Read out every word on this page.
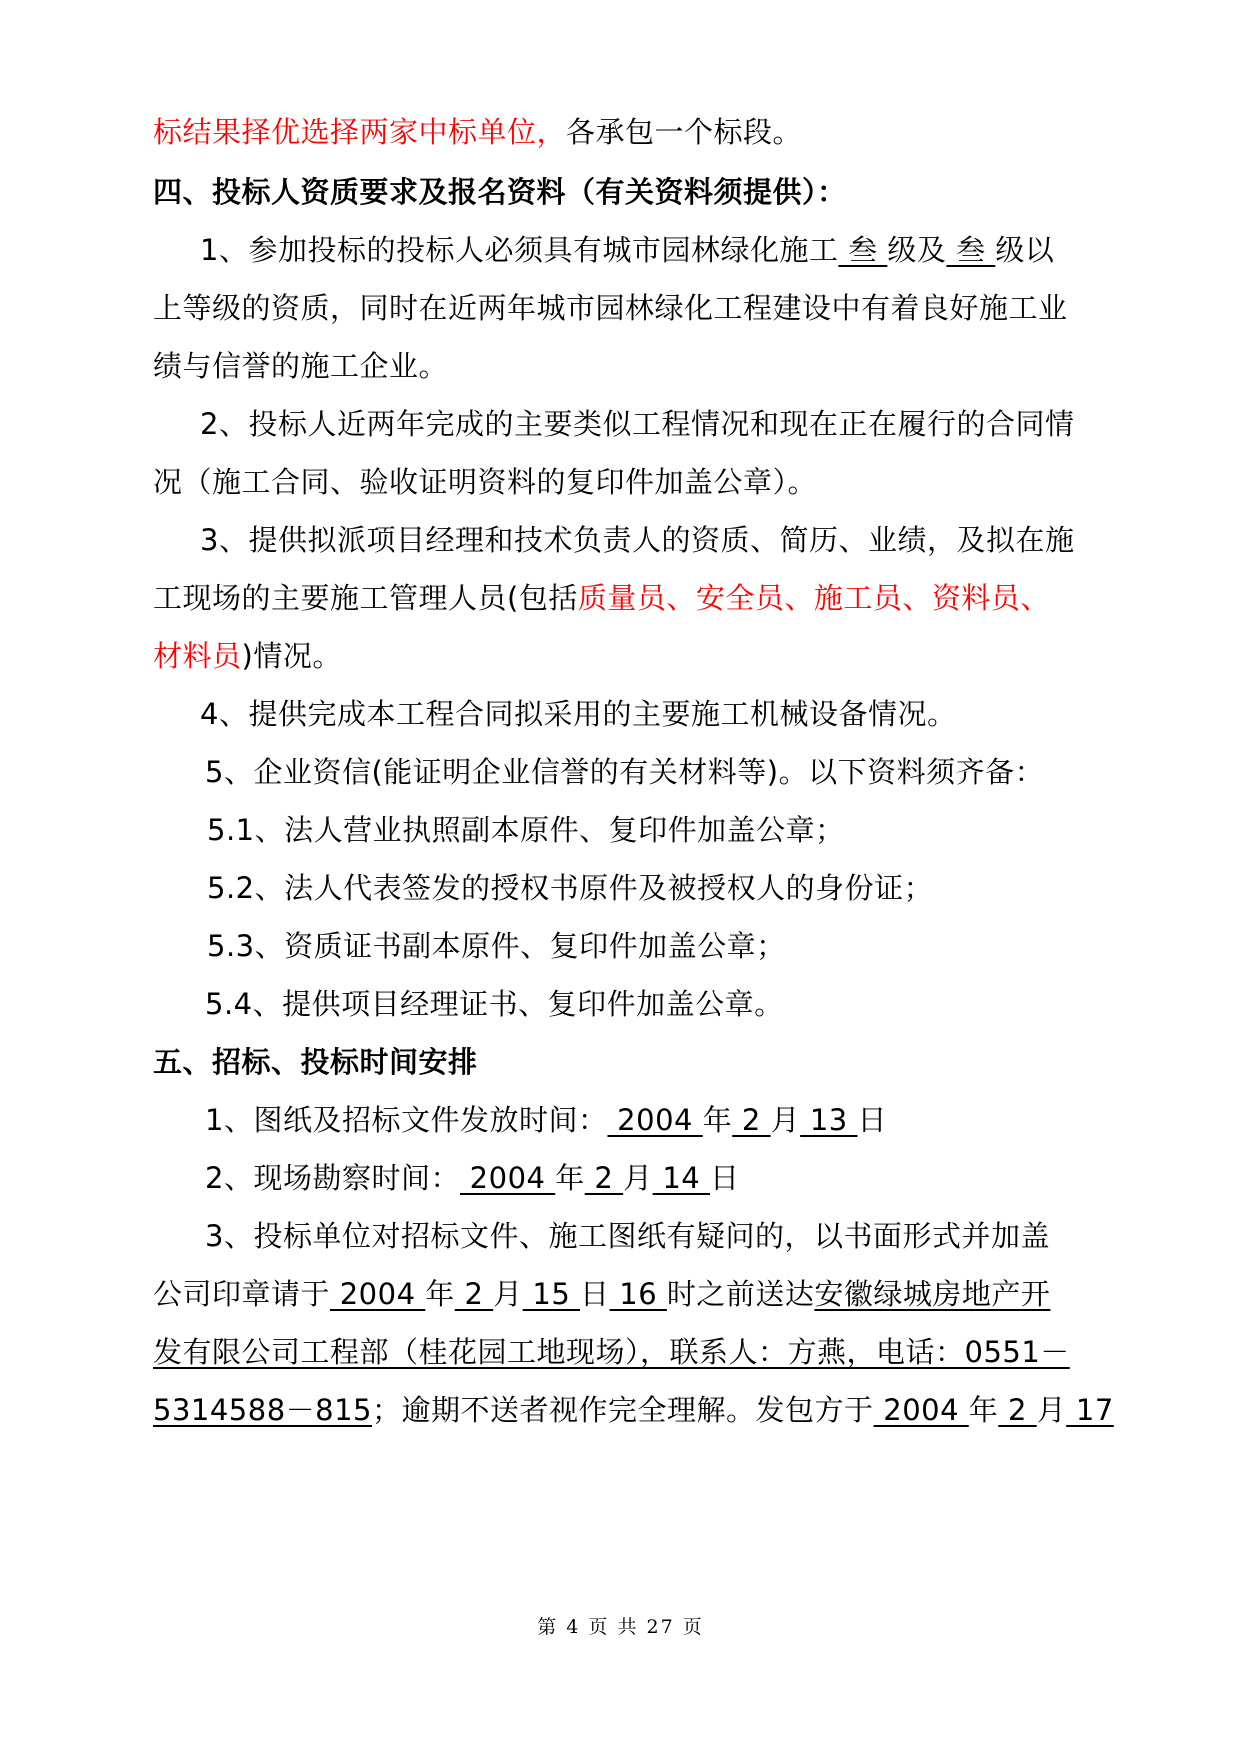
标结果择优选择两家中标单位，各承包一个标段。
四、投标人资质要求及报名资料（有关资料须提供）：
1、参加投标的投标人必须具有城市园林绿化施工 叁 级及 叁 级以
上等级的资质，同时在近两年城市园林绿化工程建设中有着良好施工业
绩与信誉的施工企业。
2、投标人近两年完成的主要类似工程情况和现在正在履行的合同情
况（施工合同、验收证明资料的复印件加盖公章）。
3、提供拟派项目经理和技术负责人的资质、简历、业绩，及拟在施
工现场的主要施工管理人员(包括质量员、安全员、施工员、资料员、
材料员)情况。
4、提供完成本工程合同拟采用的主要施工机械设备情况。
5、企业资信(能证明企业信誉的有关材料等)。以下资料须齐备：
5.1、法人营业执照副本原件、复印件加盖公章；
5.2、法人代表签发的授权书原件及被授权人的身份证；
5.3、资质证书副本原件、复印件加盖公章；
5.4、提供项目经理证书、复印件加盖公章。
五、招标、投标时间安排
1、图纸及招标文件发放时间： 2004 年 2 月 13 日
2、现场勘察时间： 2004 年 2 月 14 日
3、投标单位对招标文件、施工图纸有疑问的，以书面形式并加盖
公司印章请于 2004 年 2 月 15 日 16 时之前送达安徽绿城房地产开
发有限公司工程部（桂花园工地现场），联系人：方燕，电话：0551－
5314588－815；逾期不送者视作完全理解。发包方于 2004 年 2 月 17
第 4 页 共 27 页
